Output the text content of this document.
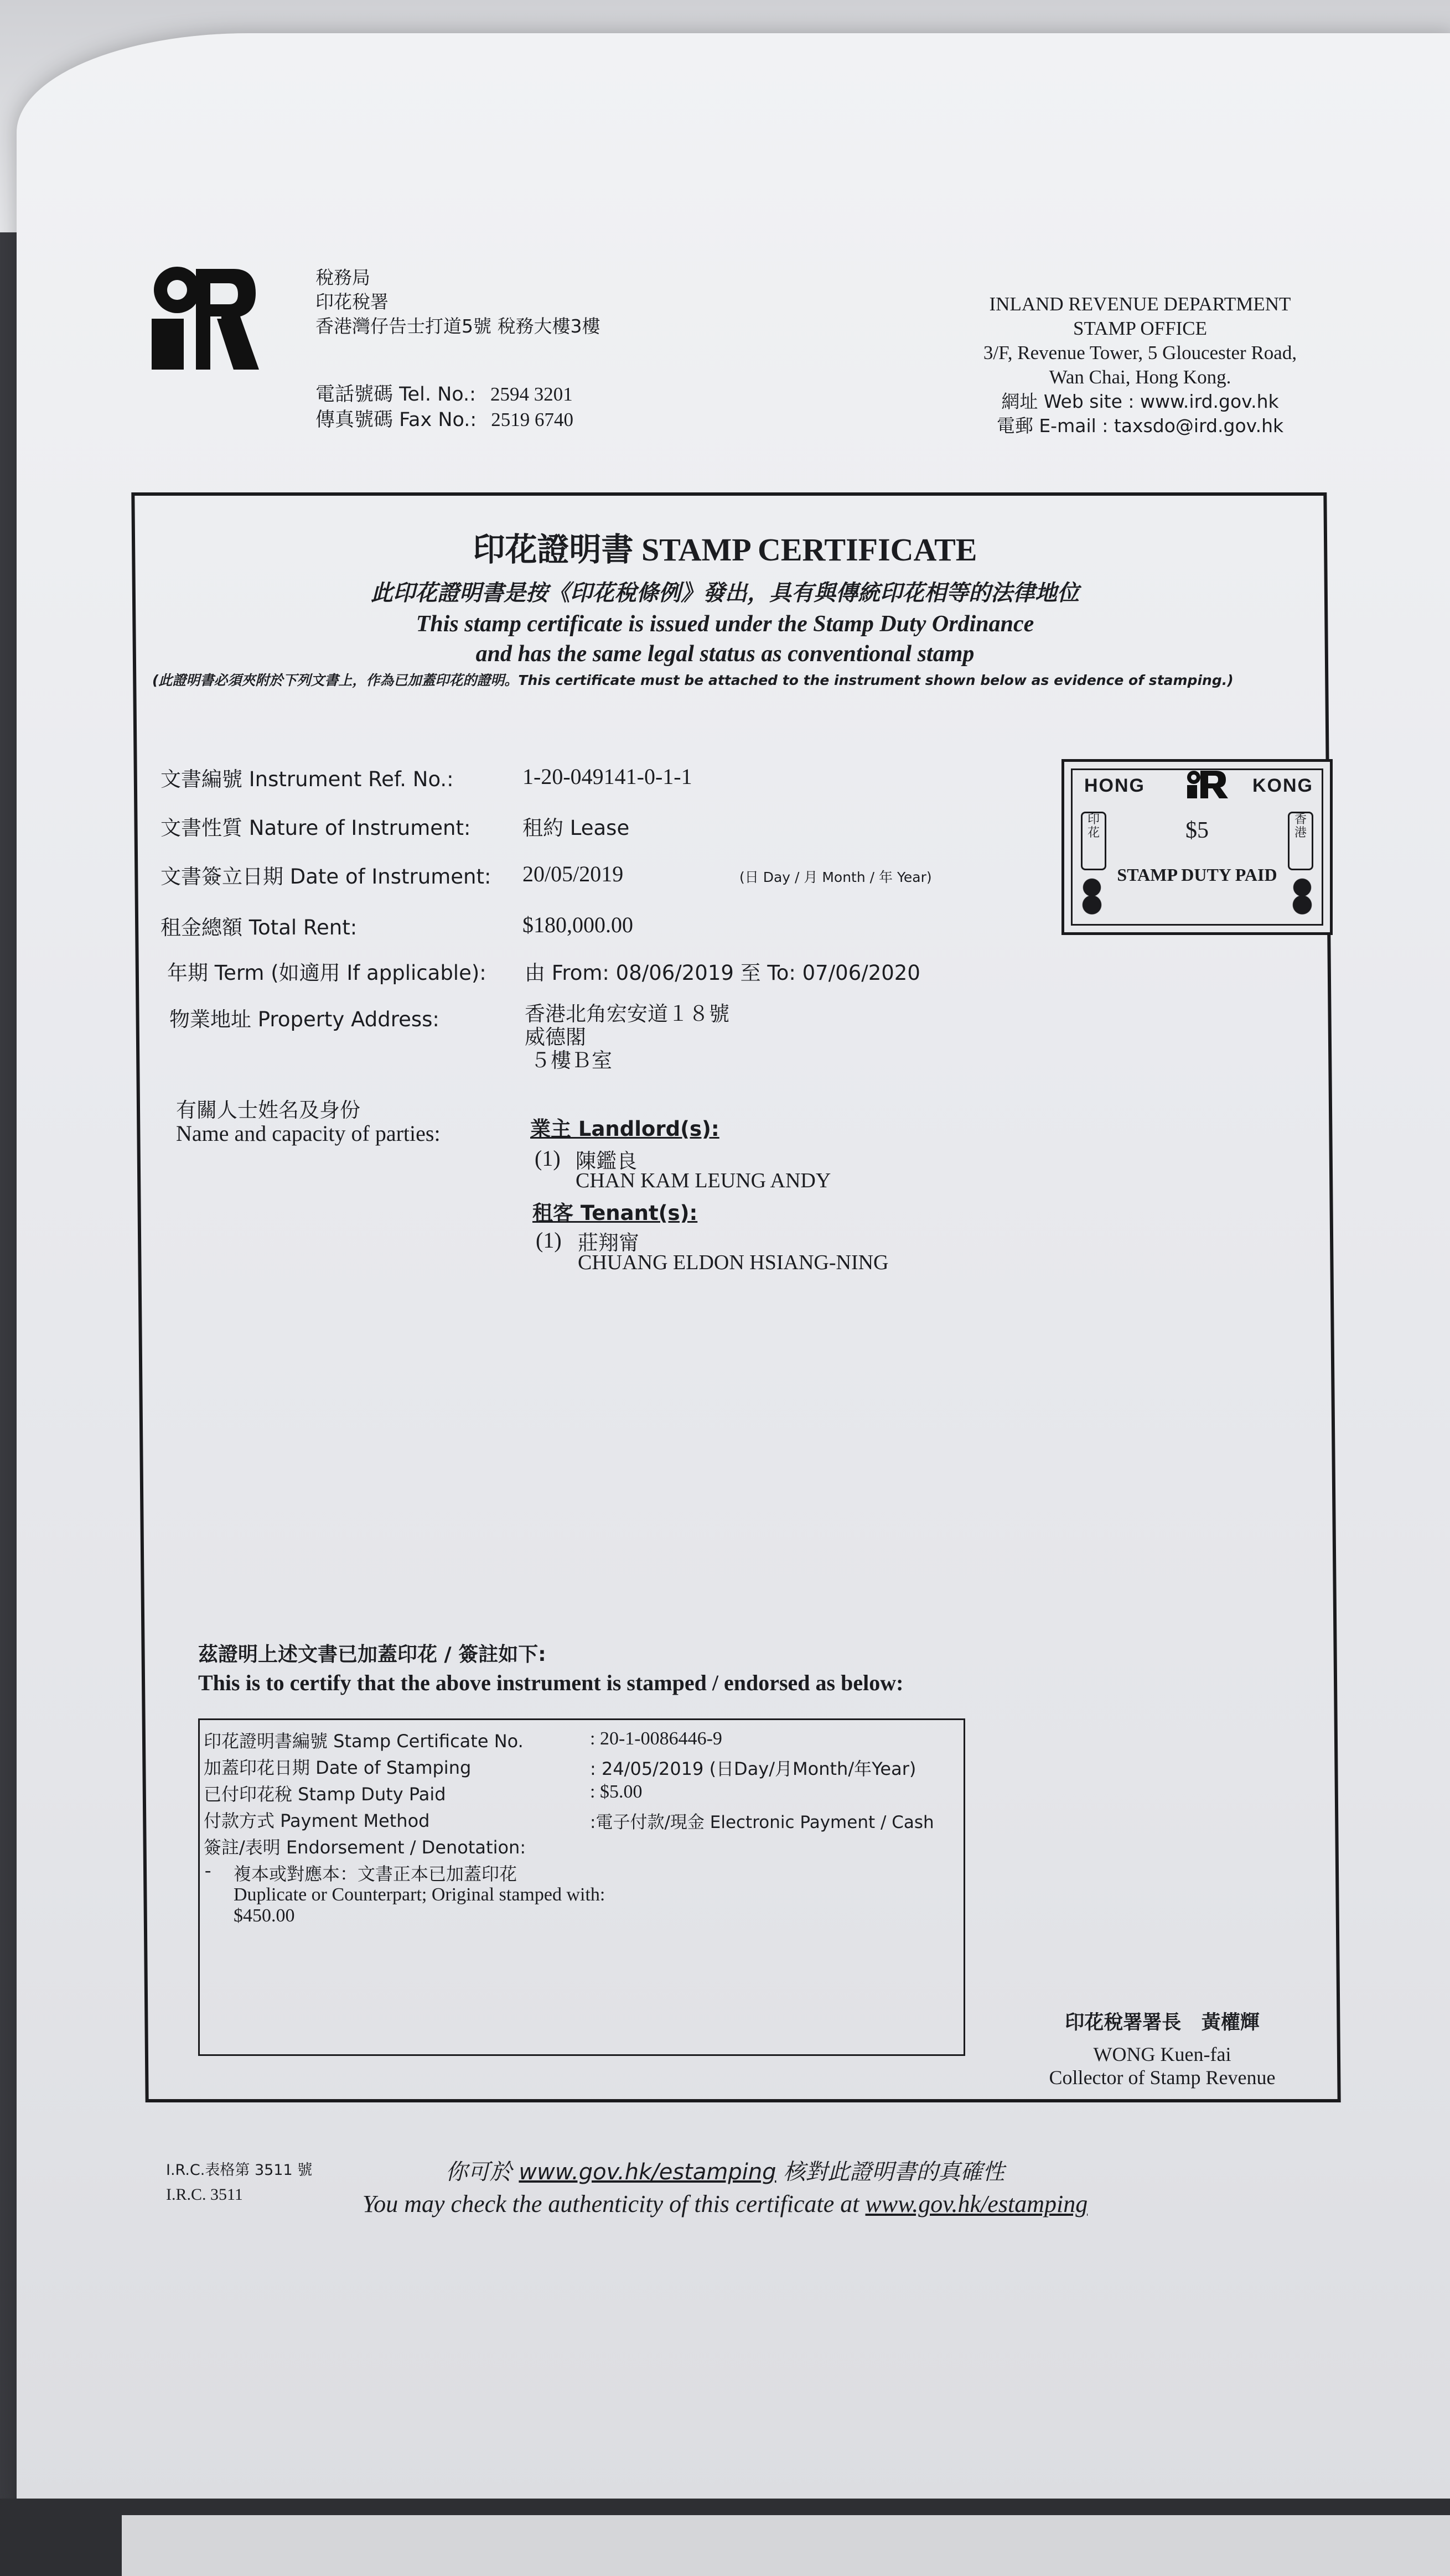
稅務局
印花稅署
香港灣仔告士打道5號 稅務大樓3樓
電話號碼 Tel. No.: 2594 3201
傳真號碼 Fax No.: 2519 6740
INLAND REVENUE DEPARTMENT
STAMP OFFICE
3/F, Revenue Tower, 5 Gloucester Road,
Wan Chai, Hong Kong.
網址 Web site : www.ird.gov.hk
電郵 E-mail : taxsdo@ird.gov.hk
印花證明書 STAMP CERTIFICATE
此印花證明書是按《印花稅條例》發出，具有與傳統印花相等的法律地位
This stamp certificate is issued under the Stamp Duty Ordinance
and has the same legal status as conventional stamp
(此證明書必須夾附於下列文書上，作為已加蓋印花的證明。This certificate must be attached to the instrument shown below as evidence of stamping.)
文書編號 Instrument Ref. No.:	1-20-049141-0-1-1
文書性質 Nature of Instrument:	租約 Lease
文書簽立日期 Date of Instrument: 20/05/2019	(日 Day / 月 Month / 年 Year)
租金總額 Total Rent:	$180,000.00
年期 Term (如適用 If applicable): 由 From: 08/06/2019 至 To: 07/06/2020
物業地址 Property Address:	香港北角宏安道１８號
威德閣
５樓Ｂ室
有關人士姓名及身份
Name and capacity of parties:	業主 Landlord(s):
(1) 陳鑑良
CHAN KAM LEUNG ANDY
租客 Tenant(s):
(1) 莊翔甯
CHUANG ELDON HSIANG-NING
HONG	KONG
印花
香港
$5
STAMP DUTY PAID
茲證明上述文書已加蓋印花 / 簽註如下:
This is to certify that the above instrument is stamped / endorsed as below:
印花證明書編號 Stamp Certificate No.	: 20-1-0086446-9
加蓋印花日期 Date of Stamping	: 24/05/2019 (日Day/月Month/年Year)
已付印花稅 Stamp Duty Paid	: $5.00
付款方式 Payment Method	:電子付款/現金 Electronic Payment / Cash
簽註/表明 Endorsement / Denotation:
- 複本或對應本：文書正本已加蓋印花
Duplicate or Counterpart; Original stamped with:
$450.00
印花稅署署長 黃權輝
WONG Kuen-fai
Collector of Stamp Revenue
I.R.C.表格第 3511 號
I.R.C. 3511
你可於 www.gov.hk/estamping 核對此證明書的真確性
You may check the authenticity of this certificate at www.gov.hk/estamping
